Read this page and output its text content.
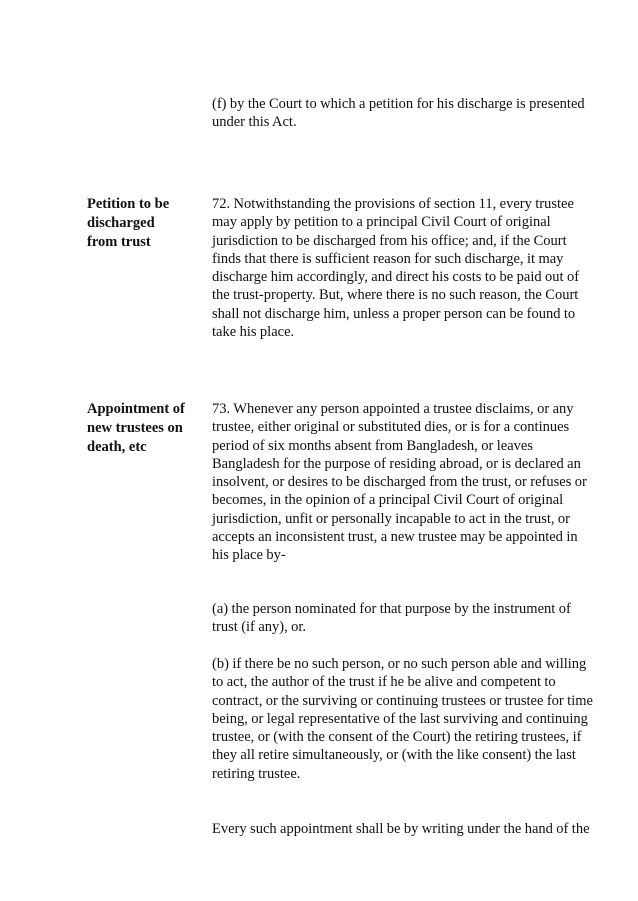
(f) by the Court to which a petition for his discharge is presented
under this Act.
Petition to be
discharged
from trust
72. Notwithstanding the provisions of section 11, every trustee
may apply by petition to a principal Civil Court of original
jurisdiction to be discharged from his office; and, if the Court
finds that there is sufficient reason for such discharge, it may
discharge him accordingly, and direct his costs to be paid out of
the trust-property. But, where there is no such reason, the Court
shall not discharge him, unless a proper person can be found to
take his place.
Appointment of
new trustees on
death, etc
73. Whenever any person appointed a trustee disclaims, or any
trustee, either original or substituted dies, or is for a continues
period of six months absent from Bangladesh, or leaves
Bangladesh for the purpose of residing abroad, or is declared an
insolvent, or desires to be discharged from the trust, or refuses or
becomes, in the opinion of a principal Civil Court of original
jurisdiction, unfit or personally incapable to act in the trust, or
accepts an inconsistent trust, a new trustee may be appointed in
his place by-
(a) the person nominated for that purpose by the instrument of
trust (if any), or.
(b) if there be no such person, or no such person able and willing
to act, the author of the trust if he be alive and competent to
contract, or the surviving or continuing trustees or trustee for time
being, or legal representative of the last surviving and continuing
trustee, or (with the consent of the Court) the retiring trustees, if
they all retire simultaneously, or (with the like consent) the last
retiring trustee.
Every such appointment shall be by writing under the hand of the
